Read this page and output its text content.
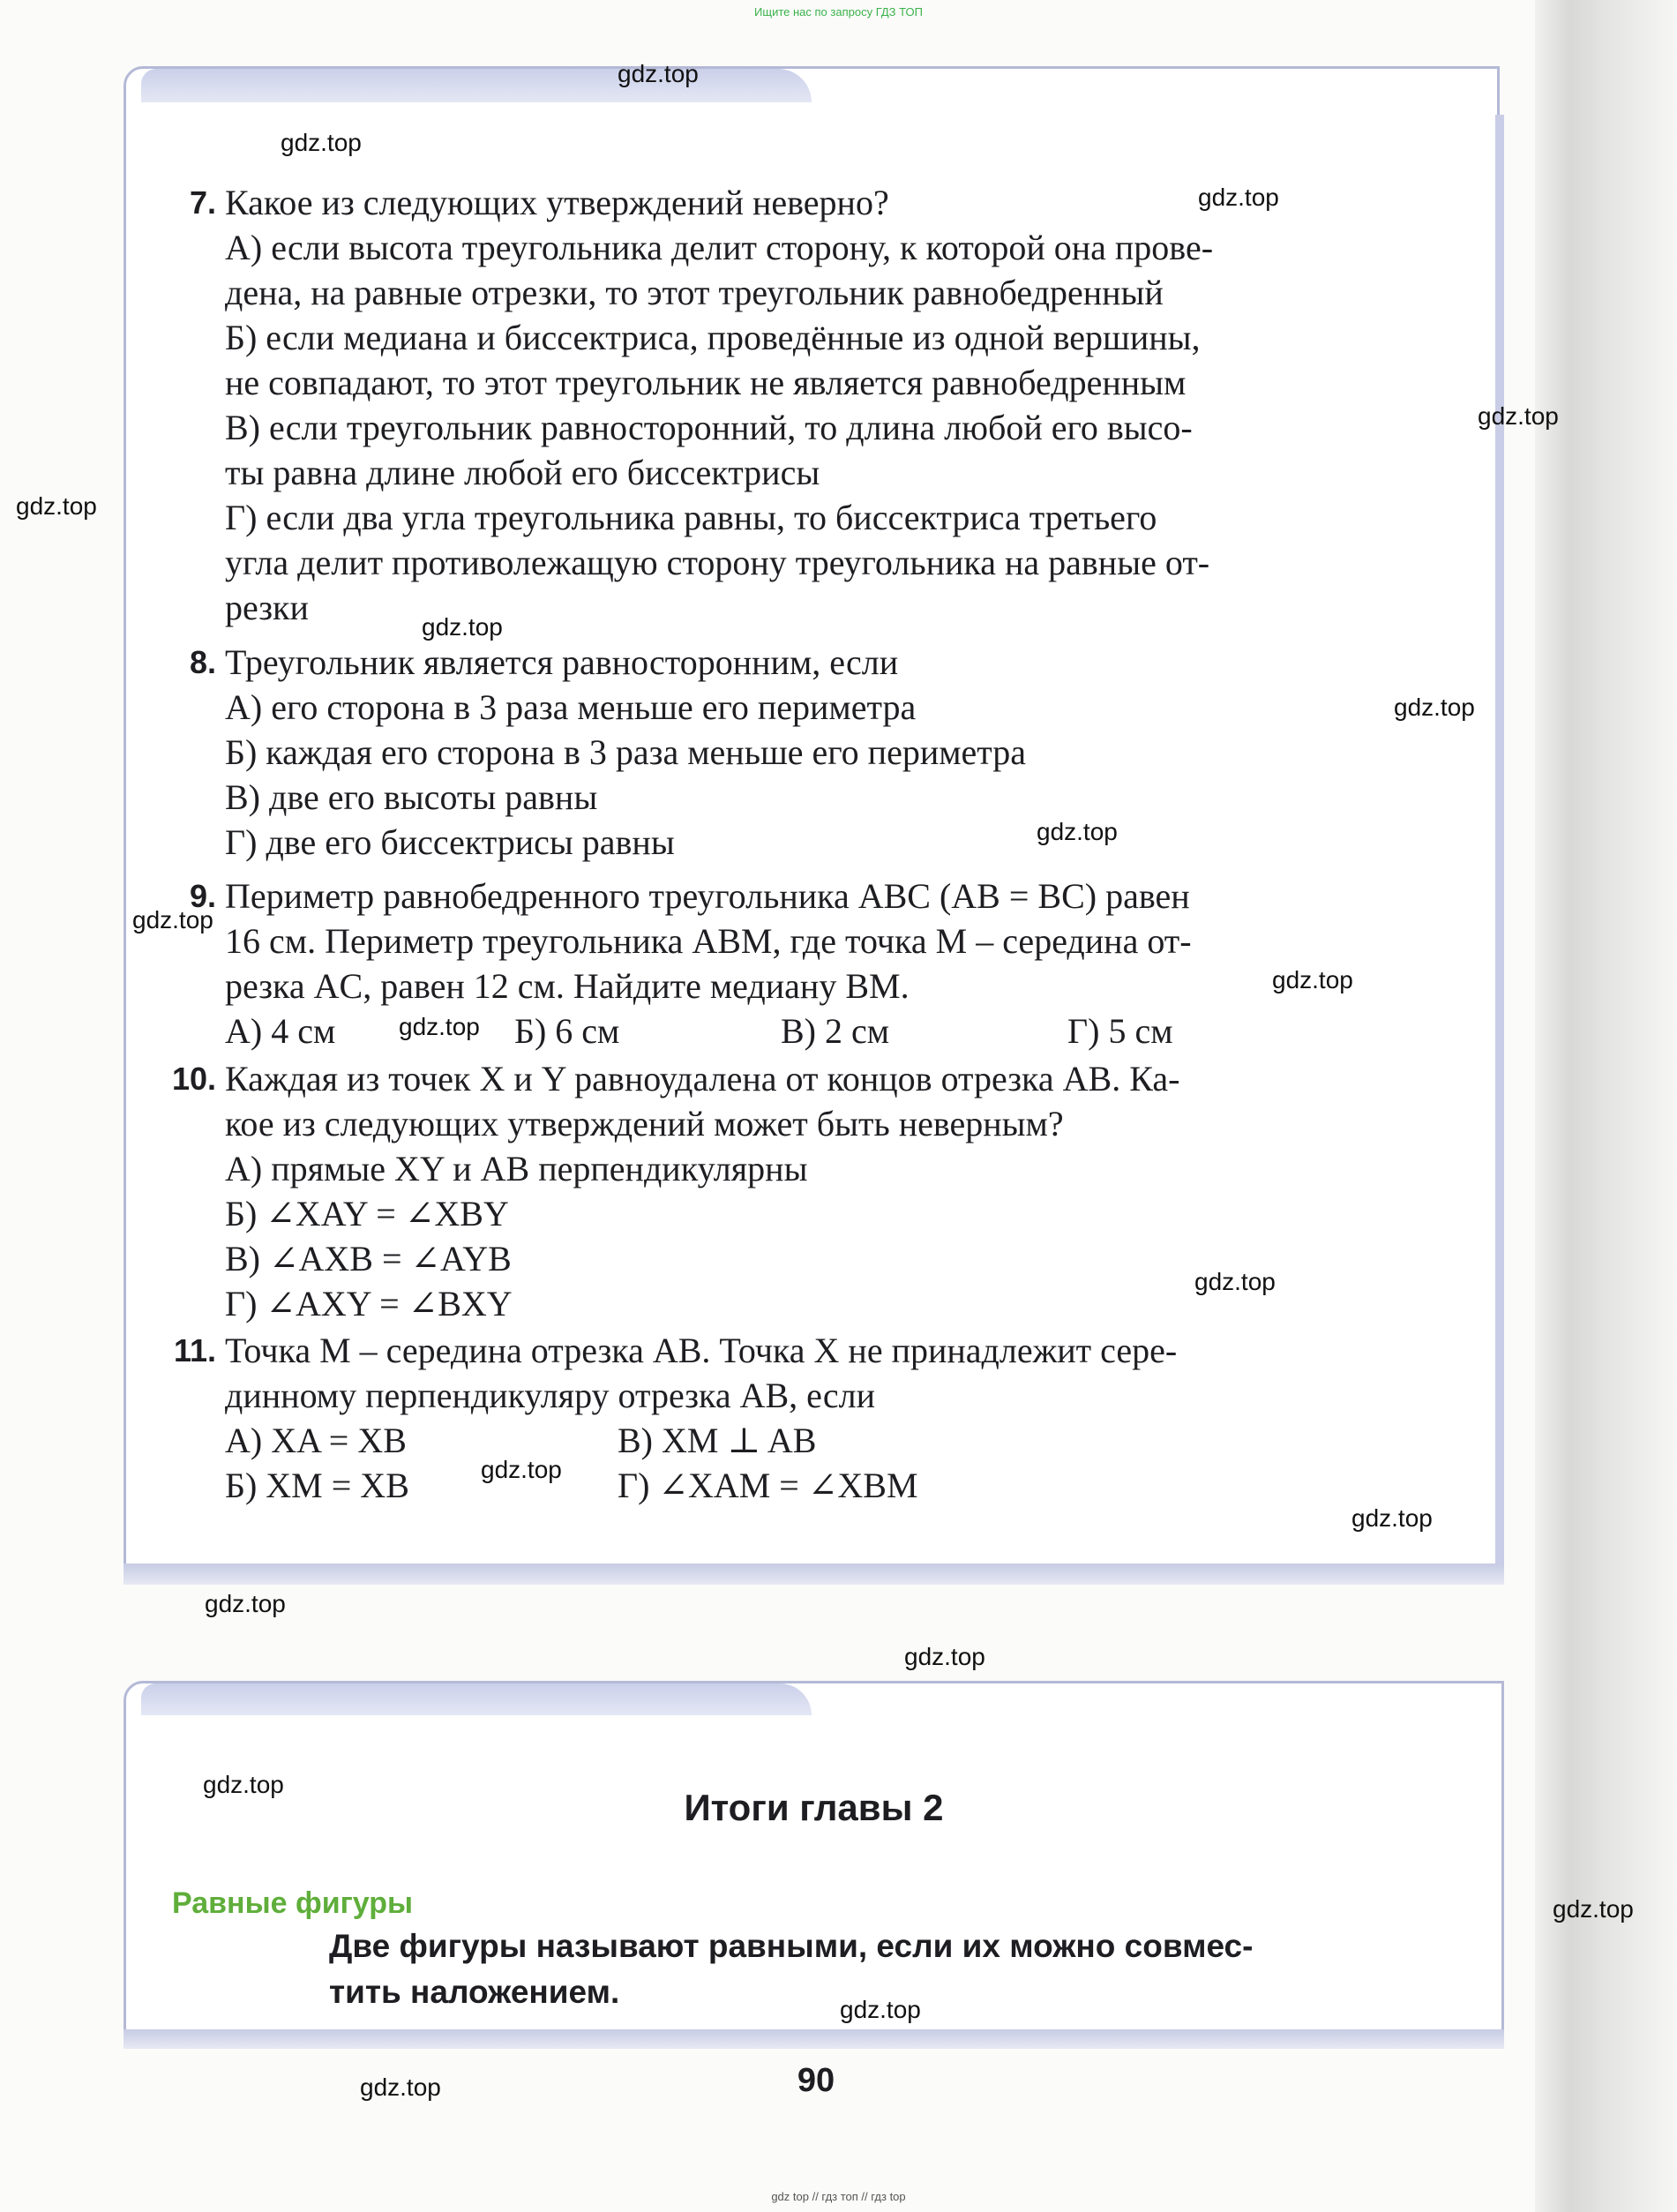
Ищите нас по запросу ГДЗ ТОП
7. Какое из следующих утверждений неверно?
А) если высота треугольника делит сторону, к которой она прове-
дена, на равные отрезки, то этот треугольник равнобедренный
Б) если медиана и биссектриса, проведённые из одной вершины,
не совпадают, то этот треугольник не является равнобедренным
В) если треугольник равносторонний, то длина любой его высо-
ты равна длине любой его биссектрисы
Г) если два угла треугольника равны, то биссектриса третьего
угла делит противолежащую сторону треугольника на равные от-
резки
8. Треугольник является равносторонним, если
А) его сторона в 3 раза меньше его периметра
Б) каждая его сторона в 3 раза меньше его периметра
В) две его высоты равны
Г) две его биссектрисы равны
9. Периметр равнобедренного треугольника ABC (AB = BC) равен
16 см. Периметр треугольника ABM, где точка M – середина от-
резка AC, равен 12 см. Найдите медиану BM.
А) 4 см	Б) 6 см	В) 2 см	Г) 5 см
10. Каждая из точек X и Y равноудалена от концов отрезка AB. Ка-
кое из следующих утверждений может быть неверным?
А) прямые XY и AB перпендикулярны
Б) ∠XAY = ∠XBY
В) ∠AXB = ∠AYB
Г) ∠AXY = ∠BXY
11. Точка M – середина отрезка AB. Точка X не принадлежит сере-
динному перпендикуляру отрезка AB, если
А) XA = XB	В) XM ⊥ AB
Б) XM = XB	Г) ∠XAM = ∠XBM
Итоги главы 2
Равные фигуры
Две фигуры называют равными, если их можно совмес-
тить наложением.
90
gdz.top
gdz.top
gdz.top
gdz.top
gdz.top
gdz.top
gdz.top
gdz.top
gdz.top
gdz.top
gdz.top
gdz.top
gdz.top
gdz.top
gdz.top
gdz.top
gdz.top
gdz.top
gdz.top
gdz.top
gdz top // гдз топ // гдз top
